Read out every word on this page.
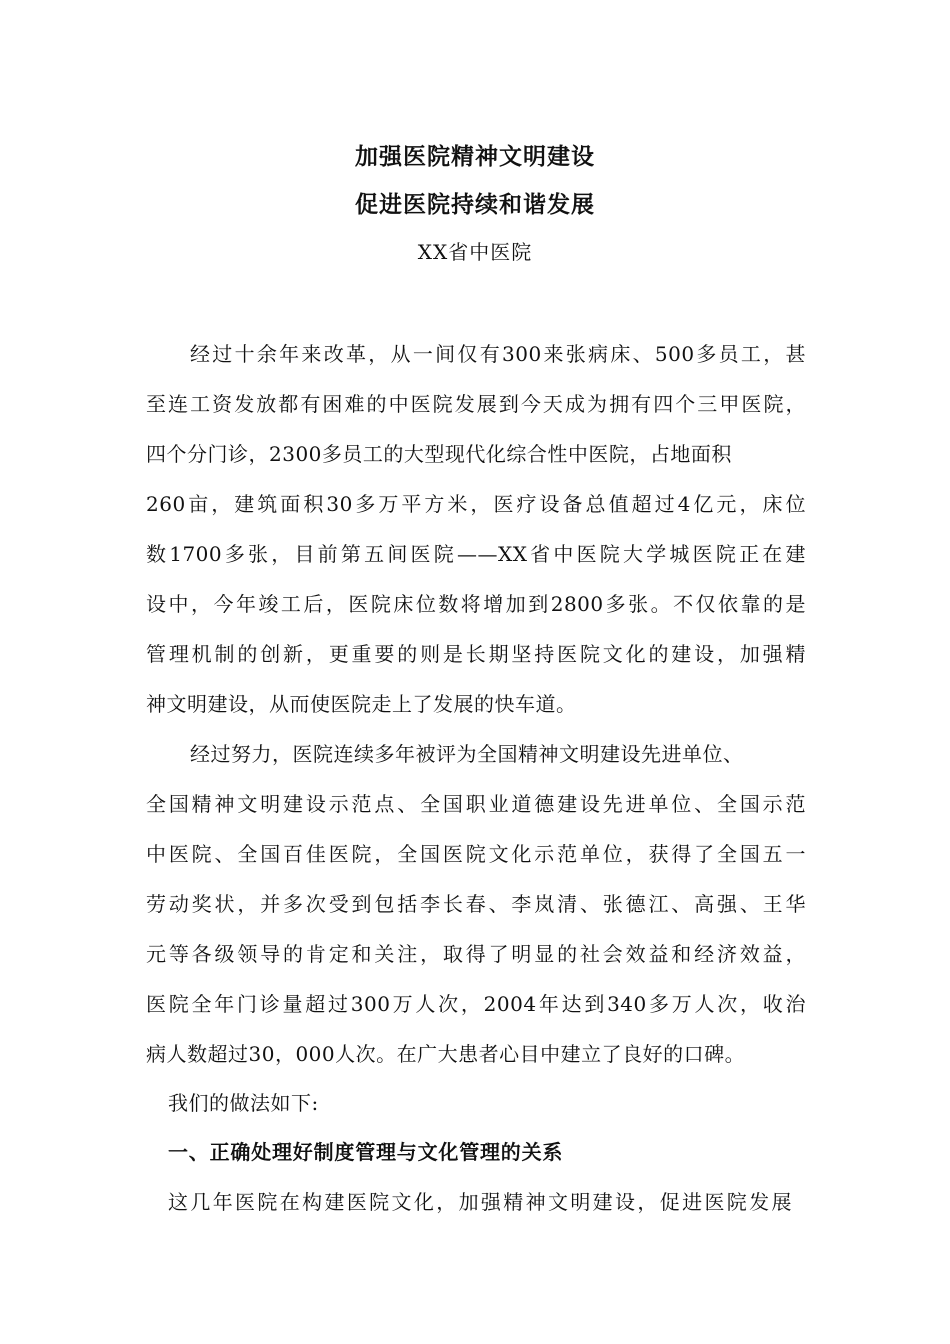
加强医院精神文明建设
促进医院持续和谐发展
XX省中医院
经过十余年来改革，从一间仅有300来张病床、500多员工，甚
至连工资发放都有困难的中医院发展到今天成为拥有四个三甲医院，
四个分门诊，2300多员工的大型现代化综合性中医院，占地面积
260亩，建筑面积30多万平方米，医疗设备总值超过4亿元，床位
数1700多张，目前第五间医院——XX省中医院大学城医院正在建
设中，今年竣工后，医院床位数将增加到2800多张。不仅依靠的是
管理机制的创新，更重要的则是长期坚持医院文化的建设，加强精
神文明建设，从而使医院走上了发展的快车道。
经过努力，医院连续多年被评为全国精神文明建设先进单位、
全国精神文明建设示范点、全国职业道德建设先进单位、全国示范
中医院、全国百佳医院，全国医院文化示范单位，获得了全国五一
劳动奖状，并多次受到包括李长春、李岚清、张德江、高强、王华
元等各级领导的肯定和关注，取得了明显的社会效益和经济效益，
医院全年门诊量超过300万人次，2004年达到340多万人次，收治
病人数超过30，000人次。在广大患者心目中建立了良好的口碑。
我们的做法如下:
一、正确处理好制度管理与文化管理的关系
这几年医院在构建医院文化，加强精神文明建设，促进医院发展
